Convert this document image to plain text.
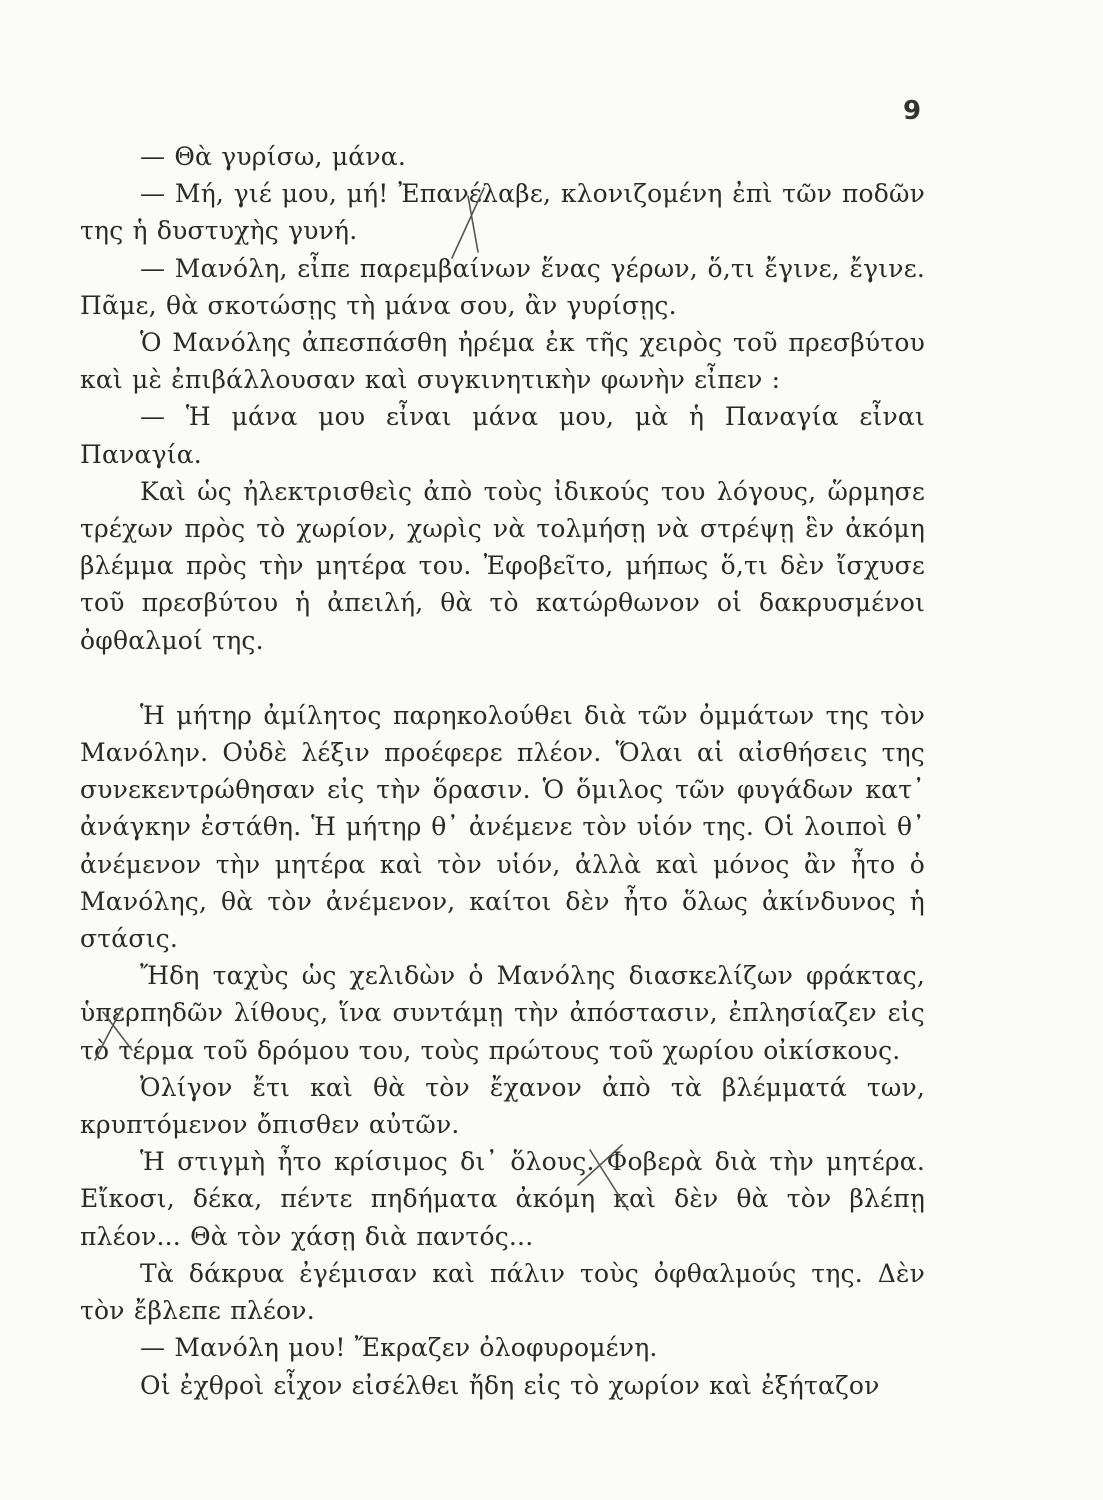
9

— Θὰ γυρίσω, μάνα.

— Μή, γιέ μου, μή! Ἐπανέλαβε, κλονιζομένη ἐπὶ τῶν ποδῶν της ἡ δυστυχὴς γυνή.

— Μανόλη, εἶπε παρεμβαίνων ἕνας γέρων, ὅ,τι ἔγινε, ἔγινε. Πᾶμε, θὰ σκοτώσῃς τὴ μάνα σου, ἂν γυρίσῃς.

Ὁ Μανόλης ἀπεσπάσθη ἠρέμα ἐκ τῆς χειρὸς τοῦ πρεσβύτου καὶ μὲ ἐπιβάλλουσαν καὶ συγκινητικὴν φωνὴν εἶπεν :

— Ἡ μάνα μου εἶναι μάνα μου, μὰ ἡ Παναγία εἶναι Παναγία.

Καὶ ὡς ἠλεκτρισθεὶς ἀπὸ τοὺς ἰδικούς του λόγους, ὥρμησε τρέχων πρὸς τὸ χωρίον, χωρὶς νὰ τολμήσῃ νὰ στρέψῃ ἓν ἀκόμη βλέμμα πρὸς τὴν μητέρα του. Ἐφοβεῖτο, μήπως ὅ,τι δὲν ἴσχυσε τοῦ πρεσβύτου ἡ ἀπειλή, θὰ τὸ κατώρθωνον οἱ δακρυσμένοι ὀφθαλμοί της.

Ἡ μήτηρ ἀμίλητος παρηκολούθει διὰ τῶν ὀμμάτων της τὸν Μανόλην. Οὐδὲ λέξιν προέφερε πλέον. Ὅλαι αἱ αἰσθήσεις της συνεκεντρώθησαν εἰς τὴν ὅρασιν. Ὁ ὅμιλος τῶν φυγάδων κατ᾿ ἀνάγκην ἐστάθη. Ἡ μήτηρ θ᾿ ἀνέμενε τὸν υἱόν της. Οἱ λοιποὶ θ᾿ ἀνέμενον τὴν μητέρα καὶ τὸν υἱόν, ἀλλὰ καὶ μόνος ἂν ἦτο ὁ Μανόλης, θὰ τὸν ἀνέμενον, καίτοι δὲν ἦτο ὅλως ἀκίνδυνος ἡ στάσις.

Ἤδη ταχὺς ὡς χελιδὼν ὁ Μανόλης διασκελίζων φράκτας, ὑπερπηδῶν λίθους, ἵνα συντάμῃ τὴν ἀπόστασιν, ἐπλησίαζεν εἰς τὸ τέρμα τοῦ δρόμου του, τοὺς πρώτους τοῦ χωρίου οἰκίσκους.

Ὀλίγον ἔτι καὶ θὰ τὸν ἔχανον ἀπὸ τὰ βλέμματά των, κρυπτόμενον ὄπισθεν αὐτῶν.

Ἡ στιγμὴ ἦτο κρίσιμος δι᾿ ὅλους. Φοβερὰ διὰ τὴν μητέρα. Εἴκοσι, δέκα, πέντε πηδήματα ἀκόμη καὶ δὲν θὰ τὸν βλέπῃ πλέον... Θὰ τὸν χάσῃ διὰ παντός...

Τὰ δάκρυα ἐγέμισαν καὶ πάλιν τοὺς ὀφθαλμούς της. Δὲν τὸν ἔβλεπε πλέον.

— Μανόλη μου! Ἔκραζεν ὀλοφυρομένη.

Οἱ ἐχθροὶ εἶχον εἰσέλθει ἤδη εἰς τὸ χωρίον καὶ ἐξήταζον
